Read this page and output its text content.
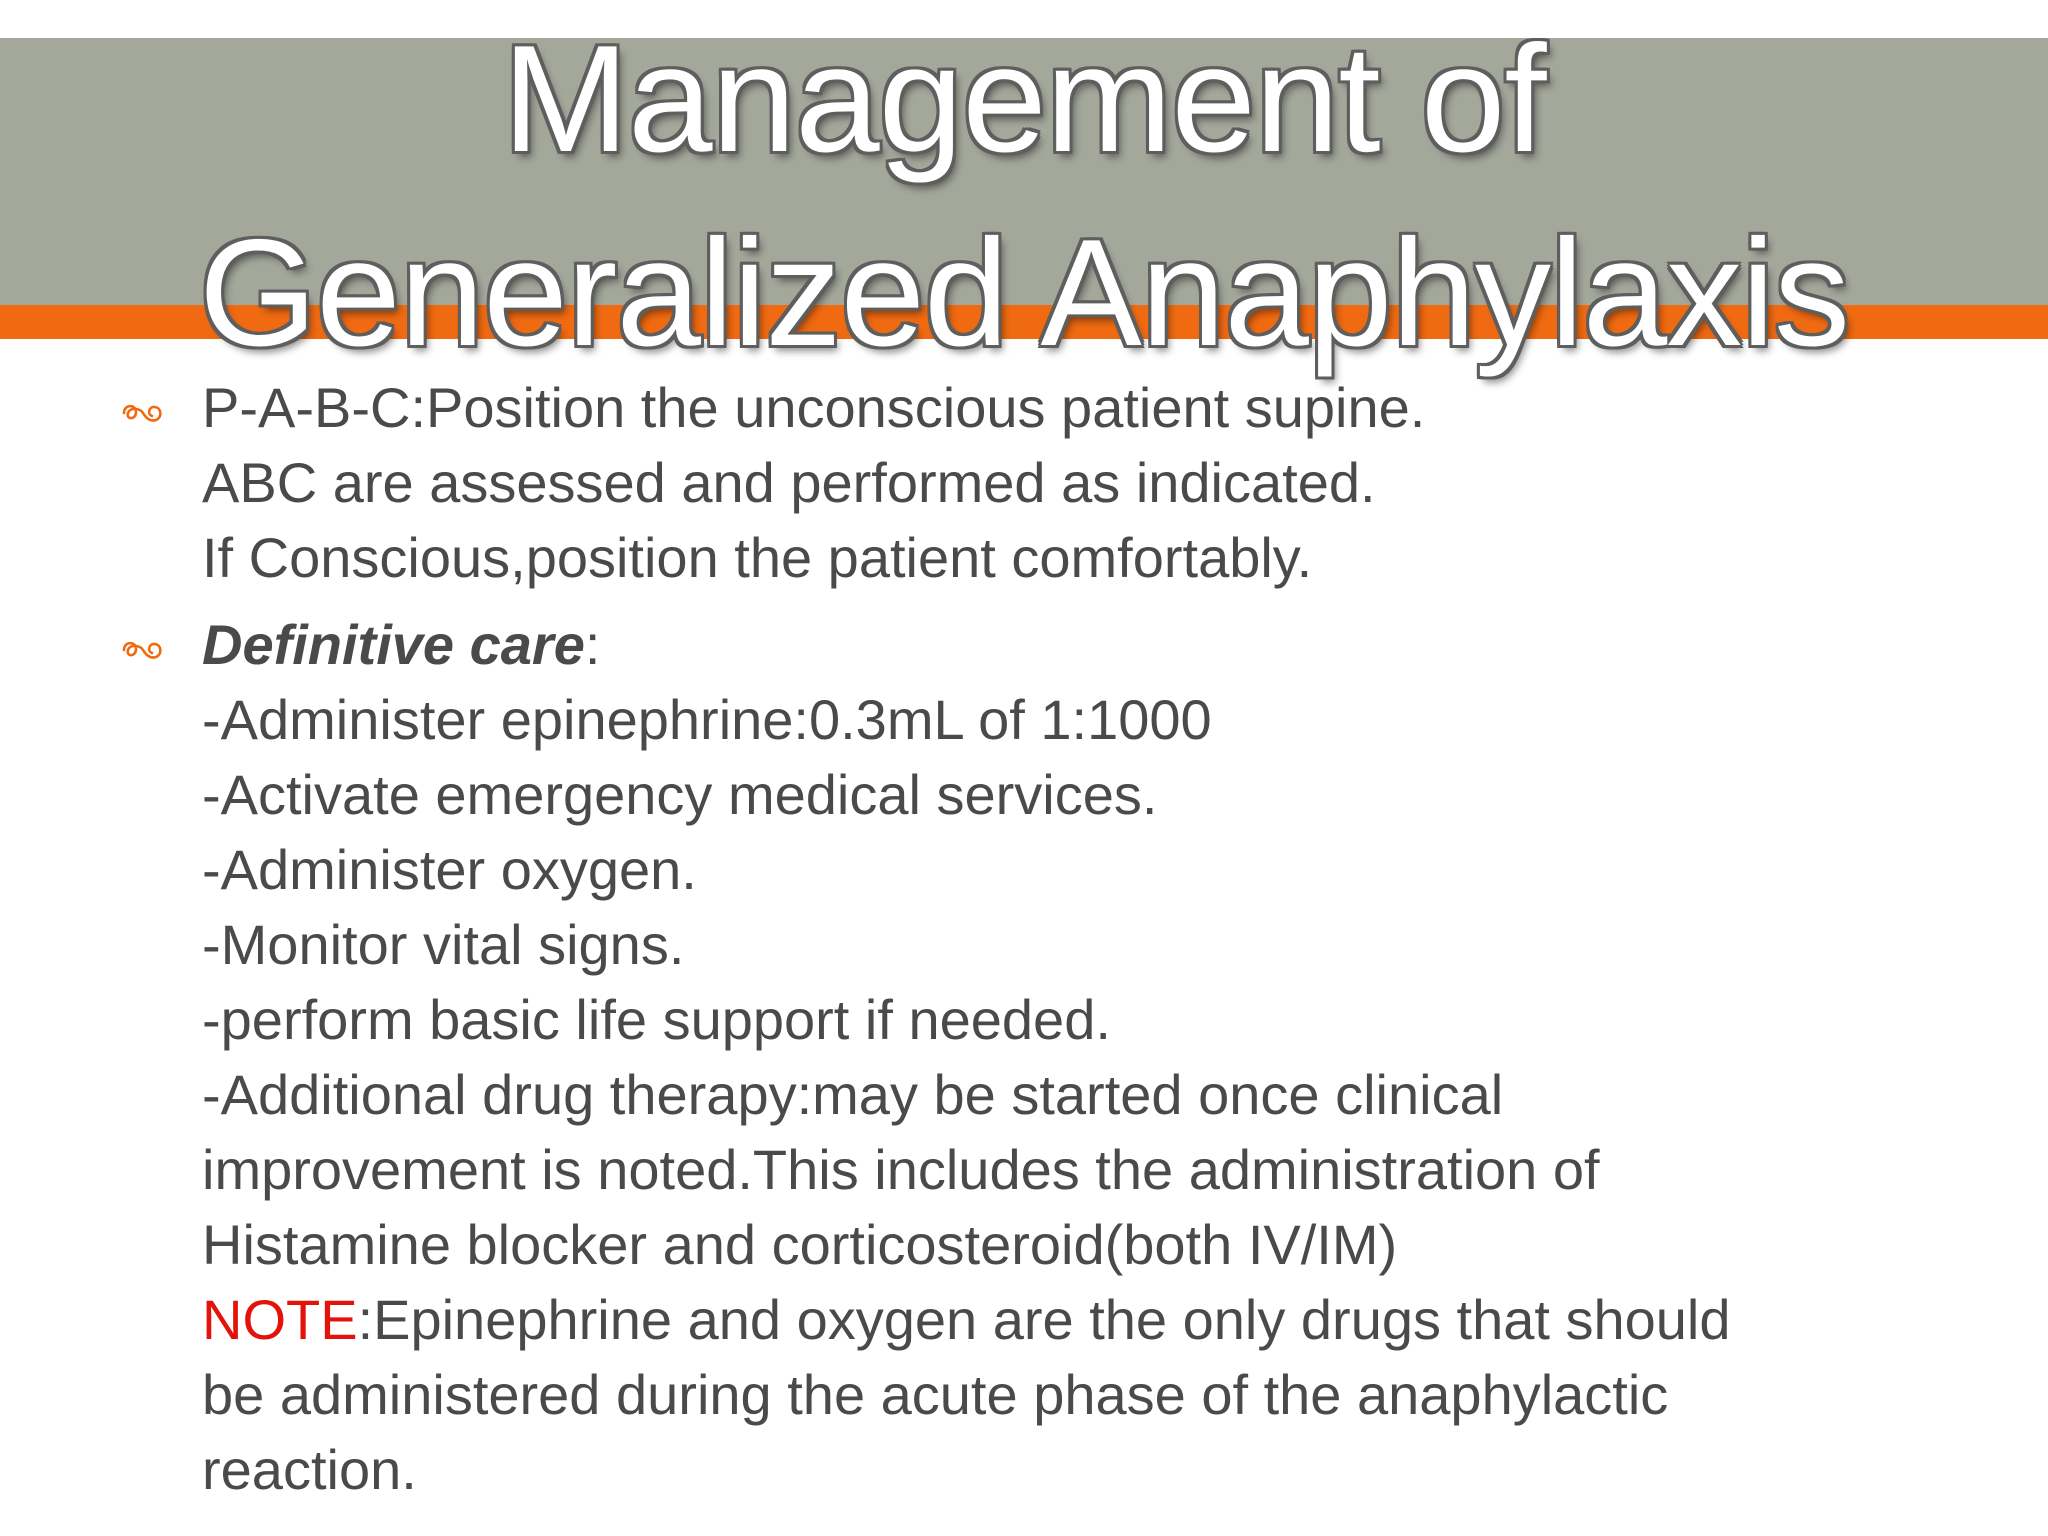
Management of
Generalized Anaphylaxis
P-A-B-C:Position the unconscious patient supine.
ABC are assessed and performed as indicated.
If Conscious,position the patient comfortably.
Definitive care:
-Administer epinephrine:0.3mL of 1:1000
-Activate emergency medical services.
-Administer oxygen.
-Monitor vital signs.
-perform basic life support if needed.
-Additional drug therapy:may be started once clinical
improvement is noted.This includes the administration of
Histamine blocker and corticosteroid(both IV/IM)
NOTE:Epinephrine and oxygen are the only drugs that should
be administered during the acute phase of the anaphylactic
reaction.
